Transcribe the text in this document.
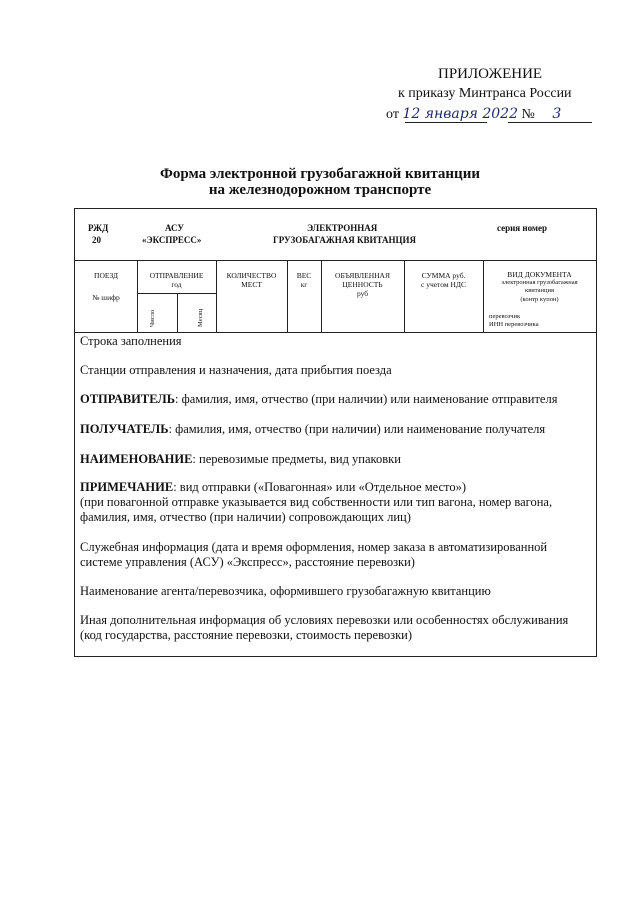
ПРИЛОЖЕНИЕ
к приказу Минтранса России
от 12 января 2022 № 3
Форма электронной грузобагажной квитанции
на железнодорожном транспорте
РЖД
20
АСУ
«ЭКСПРЕСС»
ЭЛЕКТРОННАЯ
ГРУЗОБАГАЖНАЯ КВИТАНЦИЯ
серия номер
ПОЕЗД
№ шифр
ОТПРАВЛЕНИЕ
год
Число	Месяц
КОЛИЧЕСТВО
МЕСТ
ВЕС
кг
ОБЪЯВЛЕННАЯ
ЦЕННОСТЬ
руб
СУММА руб.
с учетом НДС
ВИД ДОКУМЕНТА
электронная грузобагажная
квитанция
(контр купон)
перевозчик
ИНН перевозчика
Строка заполнения
Станции отправления и назначения, дата прибытия поезда
ОТПРАВИТЕЛЬ: фамилия, имя, отчество (при наличии) или наименование отправителя
ПОЛУЧАТЕЛЬ: фамилия, имя, отчество (при наличии) или наименование получателя
НАИМЕНОВАНИЕ: перевозимые предметы, вид упаковки
ПРИМЕЧАНИЕ: вид отправки («Повагонная» или «Отдельное место»)
(при повагонной отправке указывается вид собственности или тип вагона, номер вагона,
фамилия, имя, отчество (при наличии) сопровождающих лиц)
Служебная информация (дата и время оформления, номер заказа в автоматизированной
системе управления (АСУ) «Экспресс», расстояние перевозки)
Наименование агента/перевозчика, оформившего грузобагажную квитанцию
Иная дополнительная информация об условиях перевозки или особенностях обслуживания
(код государства, расстояние перевозки, стоимость перевозки)
